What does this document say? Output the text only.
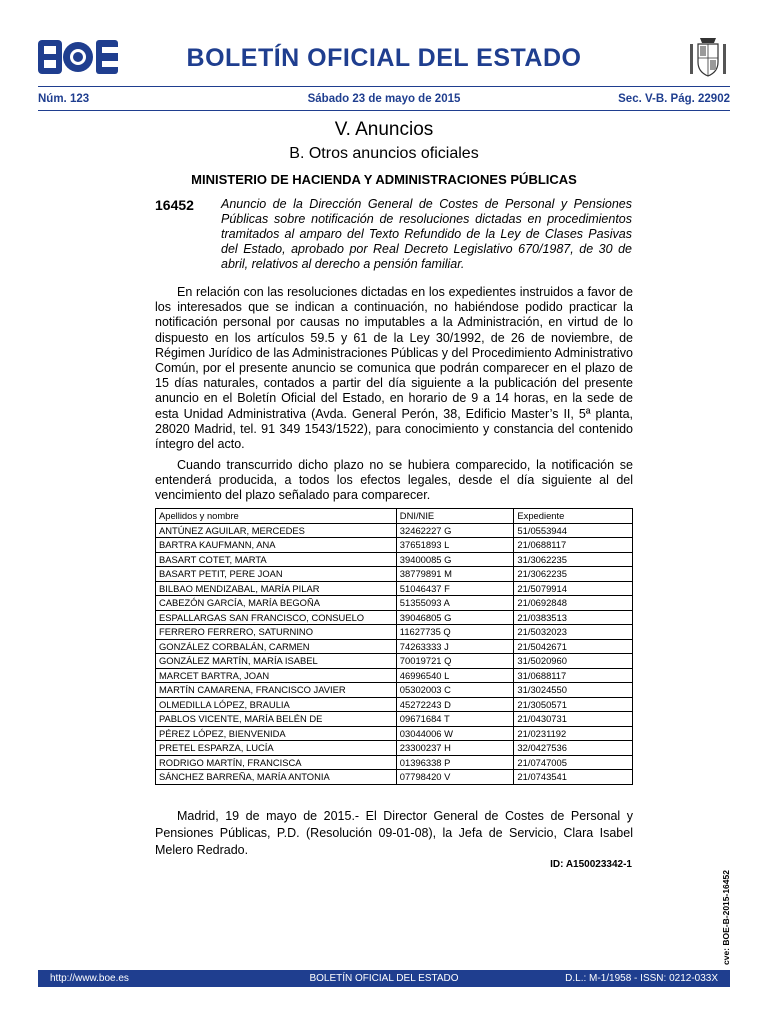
BOLETÍN OFICIAL DEL ESTADO
Núm. 123	Sábado 23 de mayo de 2015	Sec. V-B. Pág. 22902
V. Anuncios
B. Otros anuncios oficiales
MINISTERIO DE HACIENDA Y ADMINISTRACIONES PÚBLICAS
16452 Anuncio de la Dirección General de Costes de Personal y Pensiones Públicas sobre notificación de resoluciones dictadas en procedimientos tramitados al amparo del Texto Refundido de la Ley de Clases Pasivas del Estado, aprobado por Real Decreto Legislativo 670/1987, de 30 de abril, relativos al derecho a pensión familiar.
En relación con las resoluciones dictadas en los expedientes instruidos a favor de los interesados que se indican a continuación, no habiéndose podido practicar la notificación personal por causas no imputables a la Administración, en virtud de lo dispuesto en los artículos 59.5 y 61 de la Ley 30/1992, de 26 de noviembre, de Régimen Jurídico de las Administraciones Públicas y del Procedimiento Administrativo Común, por el presente anuncio se comunica que podrán comparecer en el plazo de 15 días naturales, contados a partir del día siguiente a la publicación del presente anuncio en el Boletín Oficial del Estado, en horario de 9 a 14 horas, en la sede de esta Unidad Administrativa (Avda. General Perón, 38, Edificio Master’s II, 5ª planta, 28020 Madrid, tel. 91 349 1543/1522), para conocimiento y constancia del contenido íntegro del acto.
Cuando transcurrido dicho plazo no se hubiera comparecido, la notificación se entenderá producida, a todos los efectos legales, desde el día siguiente al del vencimiento del plazo señalado para comparecer.
Apellidos y nombre	DNI/NIE	Expediente
ANTÚNEZ AGUILAR, MERCEDES	32462227 G	51/0553944
BARTRA KAUFMANN, ANA	37651893 L	21/0688117
BASART COTET, MARTA	39400085 G	31/3062235
BASART PETIT, PERE JOAN	38779891 M	21/3062235
BILBAO MENDIZABAL, MARÍA PILAR	51046437 F	21/5079914
CABEZÓN GARCÍA, MARÍA BEGOÑA	51355093 A	21/0692848
ESPALLARGAS SAN FRANCISCO, CONSUELO	39046805 G	21/0383513
FERRERO FERRERO, SATURNINO	11627735 Q	21/5032023
GONZÁLEZ CORBALÁN, CARMEN	74263333 J	21/5042671
GONZÁLEZ MARTÍN, MARÍA ISABEL	70019721 Q	31/5020960
MARCET BARTRA, JOAN	46996540 L	31/0688117
MARTÍN CAMARENA, FRANCISCO JAVIER	05302003 C	31/3024550
OLMEDILLA LÓPEZ, BRAULIA	45272243 D	21/3050571
PABLOS VICENTE, MARÍA BELÉN DE	09671684 T	21/0430731
PÉREZ LÓPEZ, BIENVENIDA	03044006 W	21/0231192
PRETEL ESPARZA, LUCÍA	23300237 H	32/0427536
RODRIGO MARTÍN, FRANCISCA	01396338 P	21/0747005
SÁNCHEZ BARREÑA, MARÍA ANTONIA	07798420 V	21/0743541
Madrid, 19 de mayo de 2015.- El Director General de Costes de Personal y Pensiones Públicas, P.D. (Resolución 09-01-08), la Jefa de Servicio, Clara Isabel Melero Redrado.
ID: A150023342-1
cve: BOE-B-2015-16452
http://www.boe.es	BOLETÍN OFICIAL DEL ESTADO	D.L.: M-1/1958 - ISSN: 0212-033X
